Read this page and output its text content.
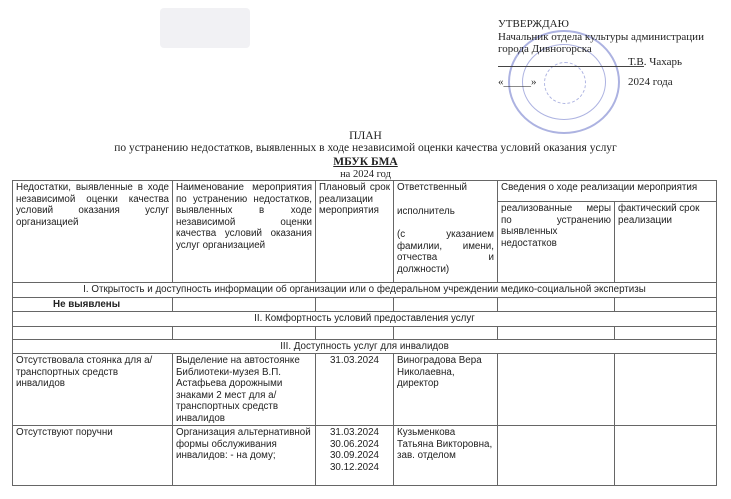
УТВЕРЖДАЮ
Начальник отдела культуры администрации
города Дивногорска
Т.В. Чахарь
«_____» 2024 года
ПЛАН
по устранению недостатков, выявленных в ходе независимой оценки качества условий оказания услуг
МБУК БМА
на 2024 год
Недостатки, выявленные в ходе независимой оценки качества условий оказания услуг организацией	Наименование мероприятия по устранению недостатков, выявленных в ходе независимой оценки качества условий оказания услуг организацией	Плановый срок реализации мероприятия	Ответственный
исполнитель
(с указанием фамилии, имени, отчества и должности)	Сведения о ходе реализации мероприятия	
				реализованные меры по устранению выявленных недостатков	фактический срок реализации
I. Открытость и доступность информации об организации или о федеральном учреждении медико-социальной экспертизы					
Не выявлены					
II. Комфортность условий предоставления услуг					

III. Доступность услуг для инвалидов					
Отсутствовала стоянка для а/транспортных средств инвалидов	Выделение на автостоянке Библиотеки-музея В.П. Астафьева дорожными знаками 2 мест для а/транспортных средств инвалидов	31.03.2024	Виноградова Вера Николаевна, директор		
Отсутствуют поручни	Организация альтернативной формы обслуживания инвалидов: - на дому;	31.03.2024
30.06.2024
30.09.2024
30.12.2024	Кузьменкова Татьяна Викторовна, зав. отделом		
